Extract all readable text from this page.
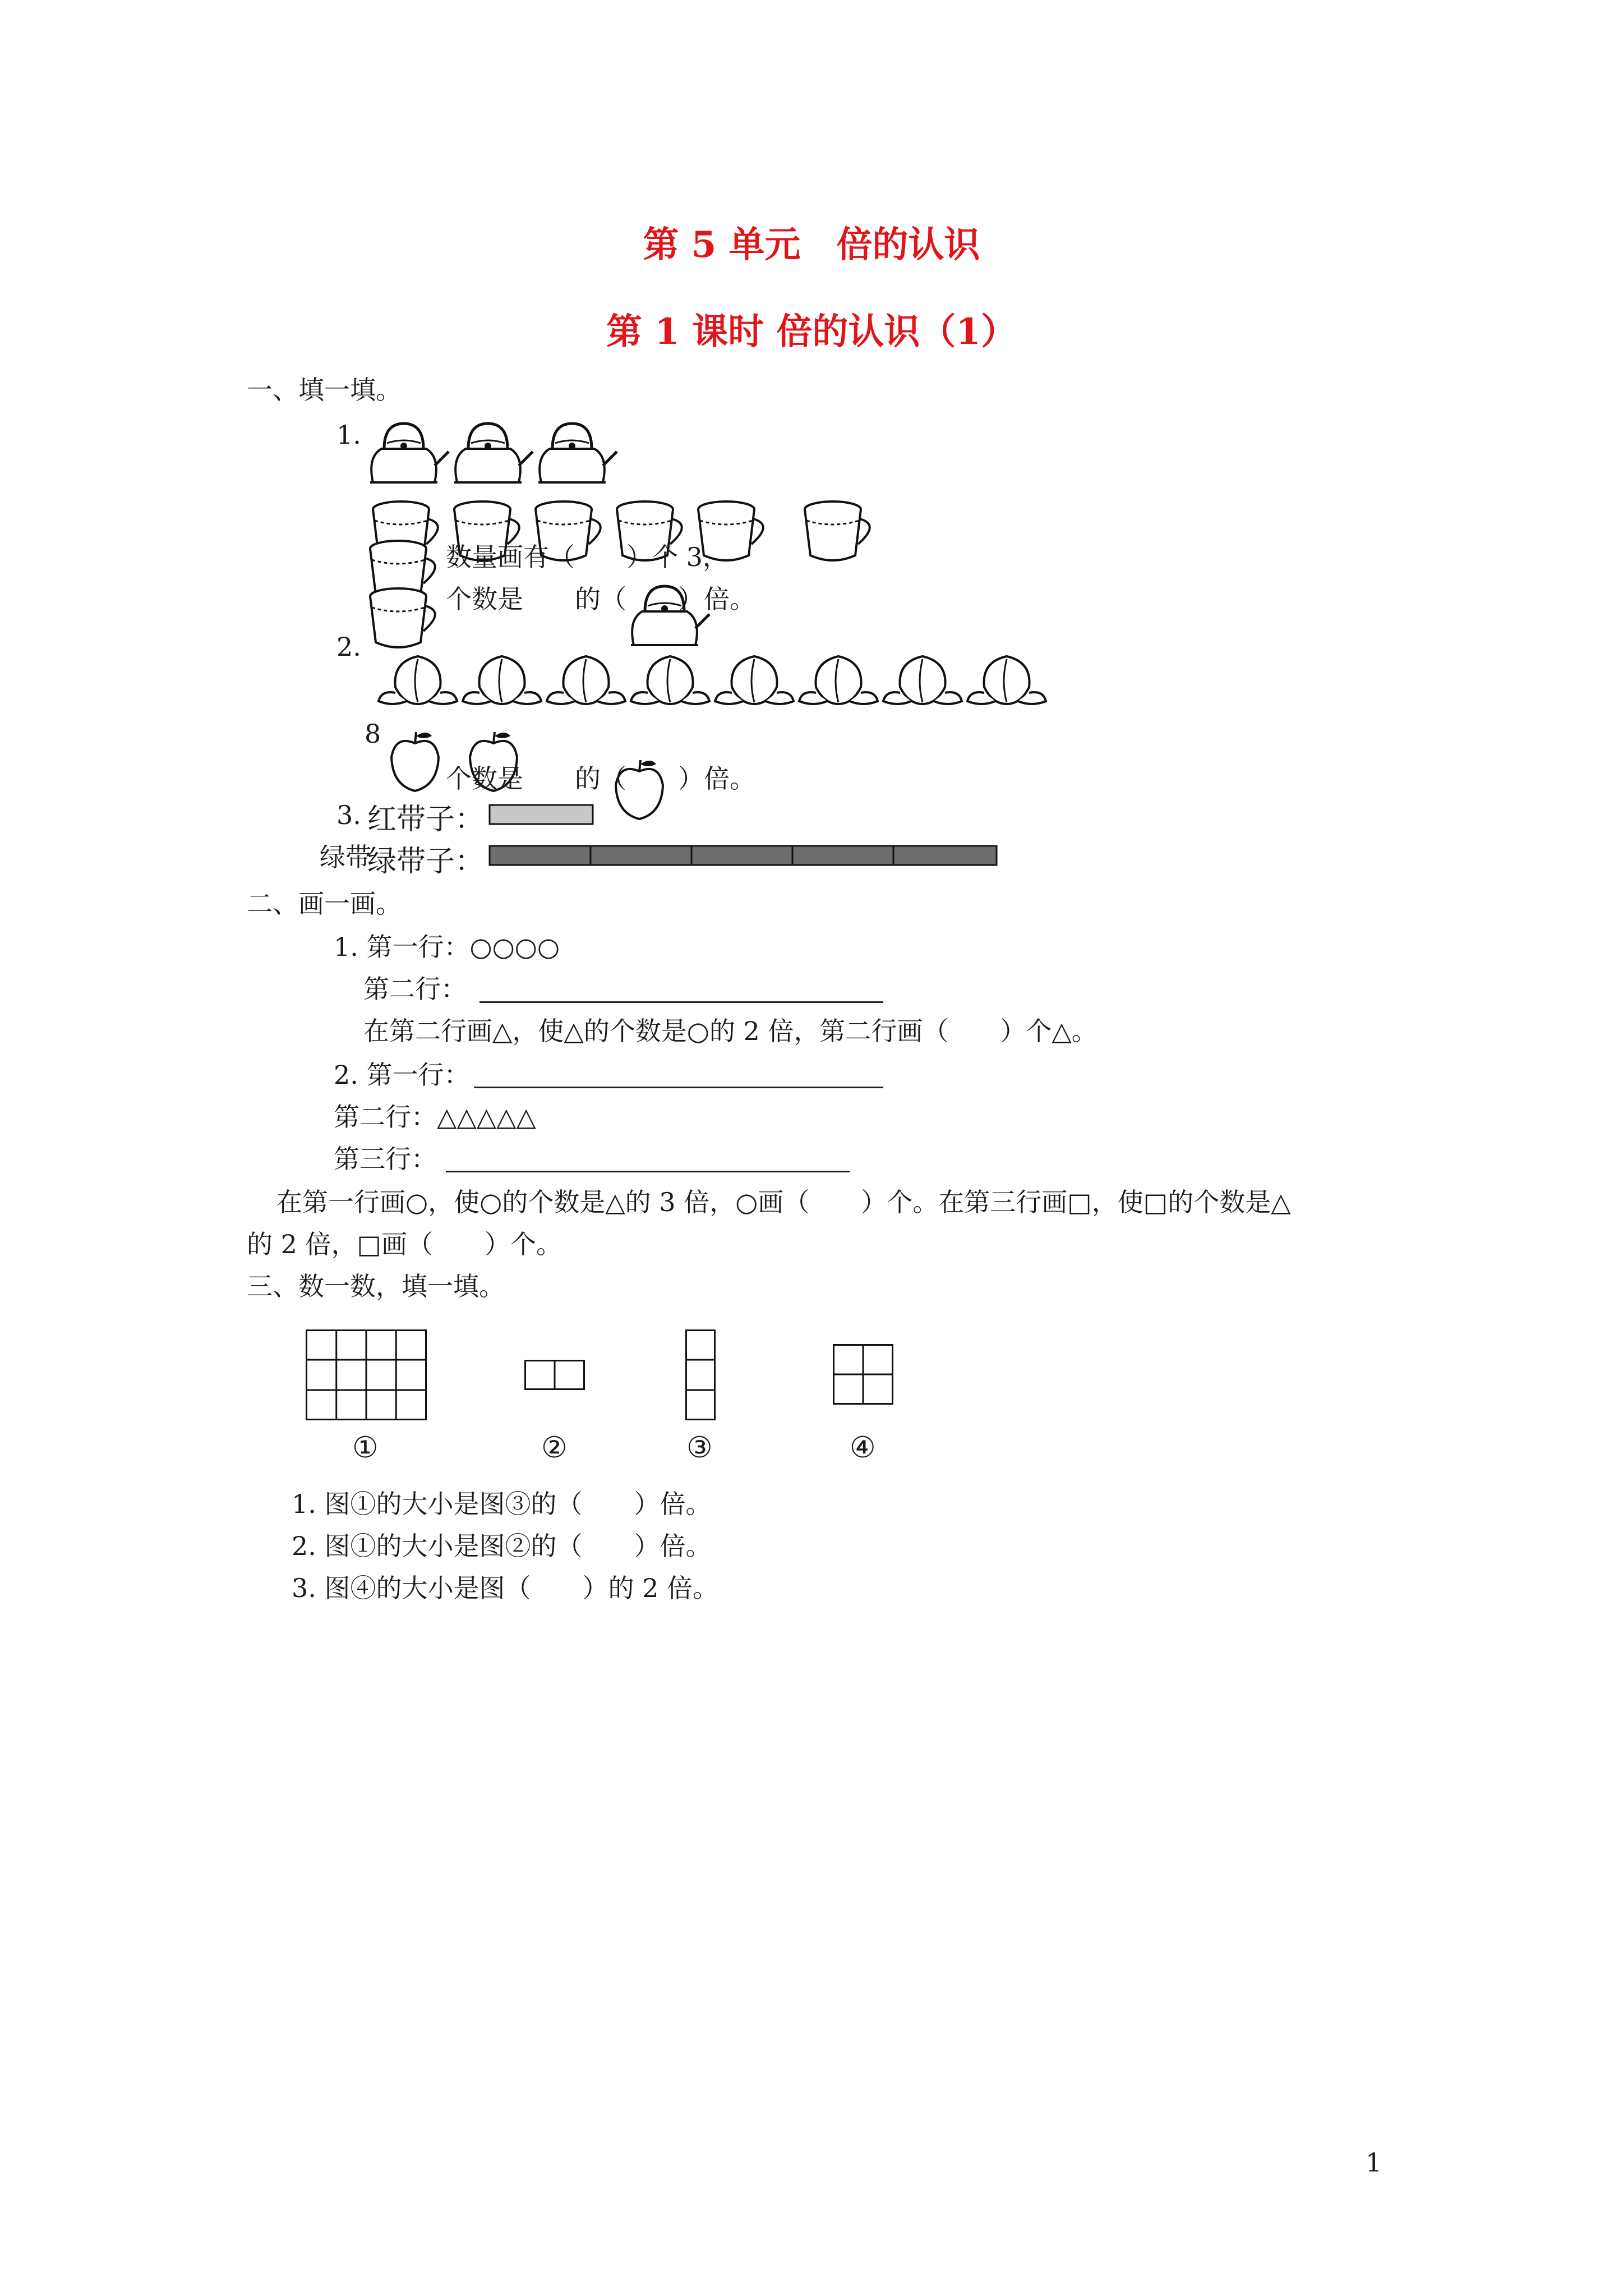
第 5 单元　倍的认识
第 1 课时 倍的认识（1）
一、填一填。
1.
数量画有（　　）个 3，
个数是　　的（　　）倍。
2.
8
个数是　　的（　　）倍。
3. 红带子：
绿带
绿带子：
二、画一画。
1. 第一行：○○○○
第二行：
在第二行画△，使△的个数是○的 2 倍，第二行画（　　）个△。
2. 第一行：
第二行：△△△△△
第三行：
在第一行画○，使○的个数是△的 3 倍，○画（　　）个。在第三行画□，使□的个数是△
的 2 倍，□画（　　）个。
三、数一数，填一填。
①	②	③	④
1. 图①的大小是图③的（　　）倍。
2. 图①的大小是图②的（　　）倍。
3. 图④的大小是图（　　）的 2 倍。
1
